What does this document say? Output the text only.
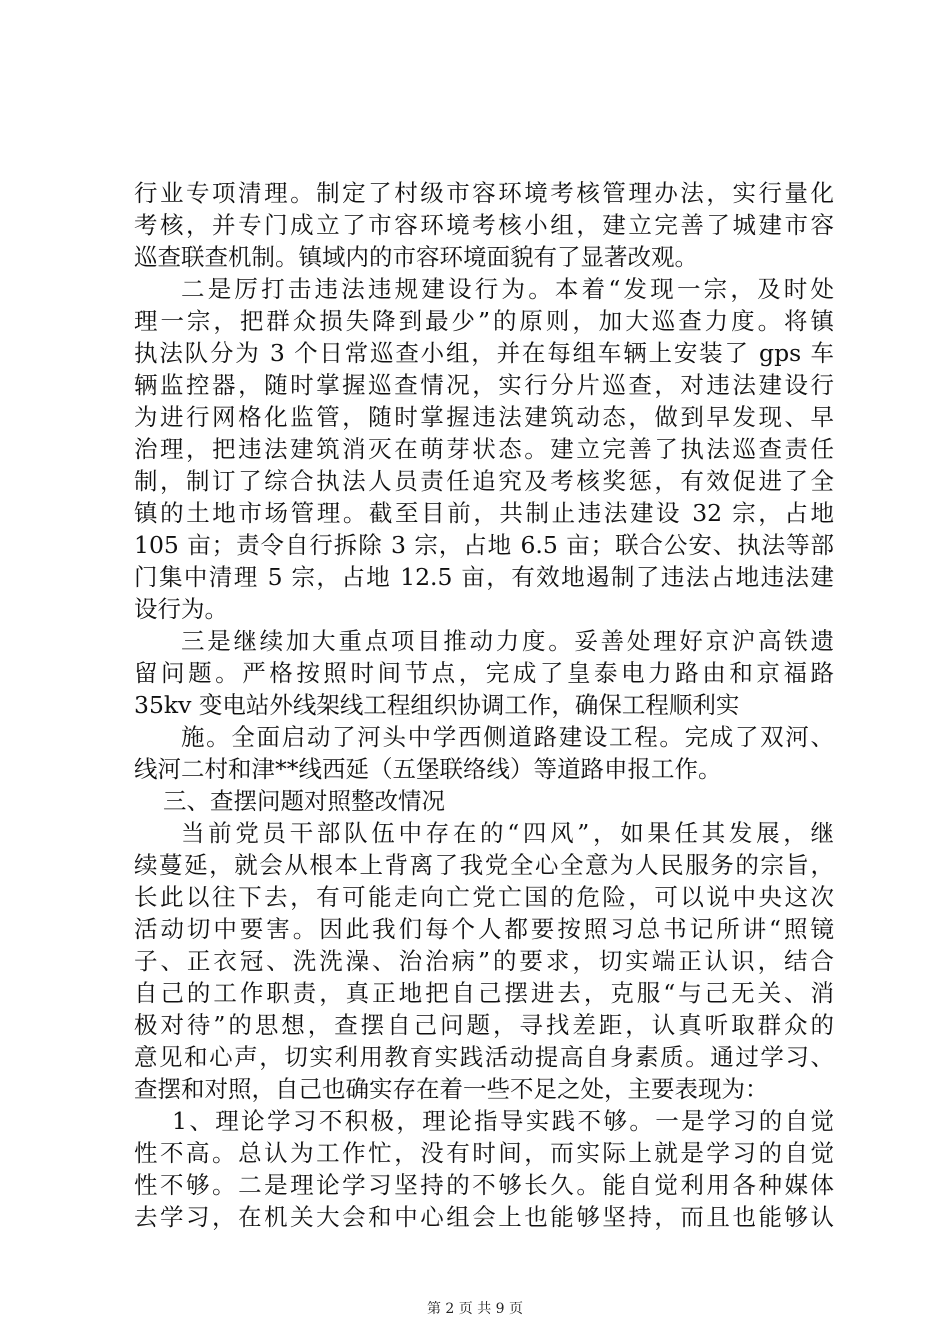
行业专项清理。制定了村级市容环境考核管理办法，实行量化
考核，并专门成立了市容环境考核小组，建立完善了城建市容
巡查联查机制。镇域内的市容环境面貌有了显著改观。
二是厉打击违法违规建设行为。本着“发现一宗，及时处
理一宗，把群众损失降到最少”的原则，加大巡查力度。将镇
执法队分为 3 个日常巡查小组，并在每组车辆上安装了 gps 车
辆监控器，随时掌握巡查情况，实行分片巡查，对违法建设行
为进行网格化监管，随时掌握违法建筑动态，做到早发现、早
治理，把违法建筑消灭在萌芽状态。建立完善了执法巡查责任
制，制订了综合执法人员责任追究及考核奖惩，有效促进了全
镇的土地市场管理。截至目前，共制止违法建设 32 宗，占地
105 亩；责令自行拆除 3 宗，占地 6.5 亩；联合公安、执法等部
门集中清理 5 宗，占地 12.5 亩，有效地遏制了违法占地违法建
设行为。
三是继续加大重点项目推动力度。妥善处理好京沪高铁遗
留问题。严格按照时间节点，完成了皇泰电力路由和京福路
35kv 变电站外线架线工程组织协调工作，确保工程顺利实
施。全面启动了河头中学西侧道路建设工程。完成了双河、
线河二村和津**线西延（五堡联络线）等道路申报工作。
三、查摆问题对照整改情况
当前党员干部队伍中存在的“四风”，如果任其发展，继
续蔓延，就会从根本上背离了我党全心全意为人民服务的宗旨，
长此以往下去，有可能走向亡党亡国的危险，可以说中央这次
活动切中要害。因此我们每个人都要按照习总书记所讲“照镜
子、正衣冠、洗洗澡、治治病”的要求，切实端正认识，结合
自己的工作职责，真正地把自己摆进去，克服“与己无关、消
极对待”的思想，查摆自己问题，寻找差距，认真听取群众的
意见和心声，切实利用教育实践活动提高自身素质。通过学习、
查摆和对照，自己也确实存在着一些不足之处，主要表现为：
1、理论学习不积极，理论指导实践不够。一是学习的自觉
性不高。总认为工作忙，没有时间，而实际上就是学习的自觉
性不够。二是理论学习坚持的不够长久。能自觉利用各种媒体
去学习，在机关大会和中心组会上也能够坚持，而且也能够认
第 2 页 共 9 页
